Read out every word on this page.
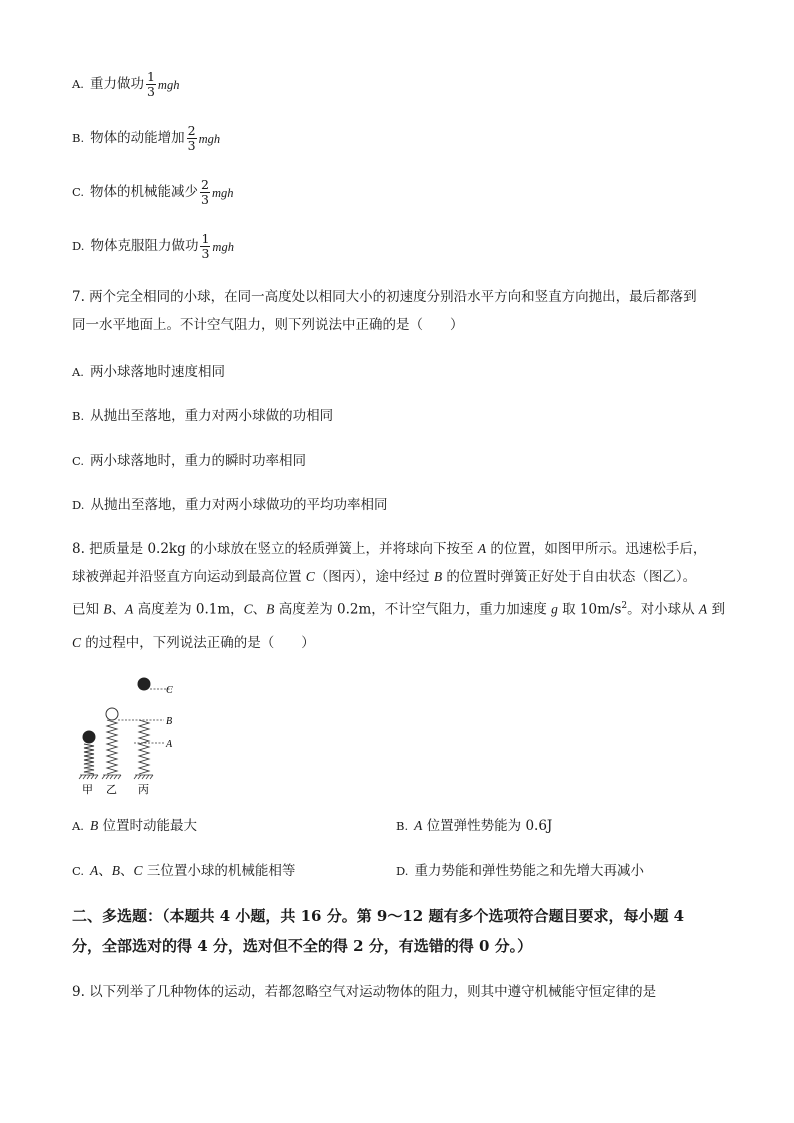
A. 重力做功 $\frac{1}{3}$ mgh
B. 物体的动能增加 $\frac{2}{3}$ mgh
C. 物体的机械能减少 $\frac{2}{3}$ mgh
D. 物体克服阻力做功 $\frac{1}{3}$ mgh
7. 两个完全相同的小球，在同一高度处以相同大小的初速度分别沿水平方向和竖直方向抛出，最后都落到
同一水平地面上。不计空气阻力，则下列说法中正确的是（　　）
A. 两小球落地时速度相同
B. 从抛出至落地，重力对两小球做的功相同
C. 两小球落地时，重力的瞬时功率相同
D. 从抛出至落地，重力对两小球做功的平均功率相同
8. 把质量是 0.2kg 的小球放在竖立的轻质弹簧上，并将球向下按至 A 的位置，如图甲所示。迅速松手后，
球被弹起并沿竖直方向运动到最高位置 C（图丙），途中经过 B 的位置时弹簧正好处于自由状态（图乙）。
已知 B、A 高度差为 0.1m，C、B 高度差为 0.2m，不计空气阻力，重力加速度 g 取 $10m/s^2$。对小球从 A 到
C 的过程中，下列说法正确的是（　　）
C
B
A
甲 乙 丙
A. B 位置时动能最大	B. A 位置弹性势能为 0.6J
C. A、B、C 三位置小球的机械能相等	D. 重力势能和弹性势能之和先增大再减小
二、多选题：（本题共 4 小题，共 16 分。第 9～12 题有多个选项符合题目要求，每小题 4
分，全部选对的得 4 分，选对但不全的得 2 分，有选错的得 0 分。）
9. 以下列举了几种物体的运动，若都忽略空气对运动物体的阻力，则其中遵守机械能守恒定律的是
